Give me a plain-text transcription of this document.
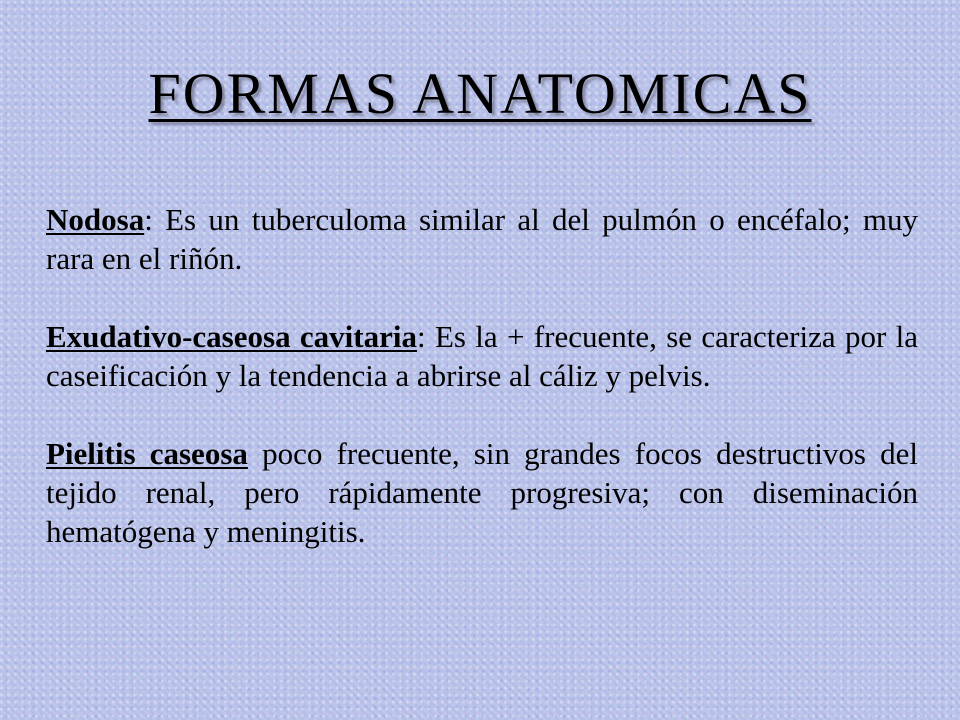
FORMAS ANATOMICAS

Nodosa: Es un tuberculoma similar al del pulmón o encéfalo; muy rara en el riñón.

Exudativo-caseosa cavitaria: Es la + frecuente, se caracteriza por la caseificación y la tendencia a abrirse al cáliz y pelvis.

Pielitis caseosa poco frecuente, sin grandes focos destructivos del tejido renal, pero rápidamente progresiva; con diseminación hematógena y meningitis.
